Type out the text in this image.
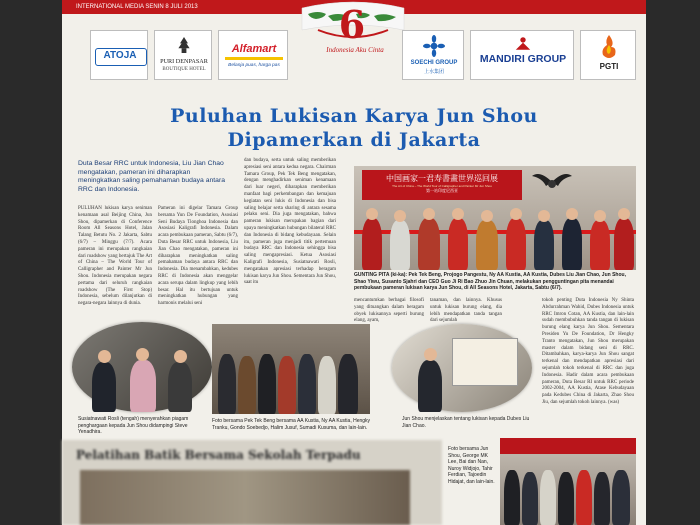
INTERNATIONAL MEDIA SENIN 8 JULI 2013	6
Indonesia Aku Cinta
ATOJA
PURI DENPASAR
BOUTIQUE HOTEL
Alfamart
Belanja puas, harga pas	SOECHI GROUP
上水集团
MANDIRI GROUP
PGTI
Puluhan Lukisan Karya Jun Shou
Dipamerkan di Jakarta
Duta Besar RRC untuk Indonesia, Liu Jian Chao mengatakan, pameran ini diharapkan meningkatkan saling pemahaman budaya antara RRC dan Indonesia.
PULUHAN lukisan karya seniman kenamaan asal Beijing China, Jun Shou, dipamerkan di Conference Room All Seasons Hotel, Jalan Talang Betutu No. 2 Jakarta, Sabtu (6/7) – Minggu (7/7). Acara pameran ini merupakan rangkaian dari roadshow yang bertajuk The Art of China – The World Tour of Calligrapher and Painter Mr Jun Shou. Indonesia merupakan negara pertama dari seluruh rangkaian roadshow (The First Stop) Indonesia, sebelum dilanjutkan di negara-negara lainnya di dunia.
Pameran ini digelar Tamara Group bersama Yun De Foundation, Asosiasi Seni Budaya Tionghoa Indonesia dan Asosiasi Kaligrafi Indonesia. Dalam acara pembukaan pameran, Sabtu (6/7), Duta Besar RRC untuk Indonesia, Liu Jian Chao mengatakan, pameran ini diharapkan meningkatkan saling pemahaman budaya antara RRC dan Indonesia. Dia menambahkan, kedubes RRC di Indonesia akan menggelar acara serupa dalam lingkup yang lebih besar. Hal itu bertujuan untuk meningkatkan hubungan yang harmonis melalui seni
dan budaya, serta untuk saling memberikan apresiasi seni antara kedua negara. Chairman Tamara Group, Pek Tek Beng mengatakan, dengan menghadirkan seniman kenamaan dari luar negeri, diharapkan memberikan manfaat bagi perkembangan dan kemajuan kegiatan seni lukis di Indonesia dan bisa saling belajar serta sharing di antara sesama pelaku seni. Dia juga mengatakan, bahwa pameran lukisan merupakan bagian dari upaya meningkatkan hubungan bilateral RRC dan Indonesia di bidang kebudayaan. Selain itu, pameran juga menjadi titik pertemuan budaya RRC dan Indonesia sehingga bisa saling mengapresiasi. Ketua Asosiasi Kaligrafi Indonesia, Susiatnawati Rosli, mengatakan apresiasi terhadap beragam lukisan karya Jun Shou. Sementara Jun Shou, saat itu
中国画家一君寿書畫世界巡回展
The Art of China – The World Tour of Calligrapher and Painter Mr Jun Shou
第一站印度尼西亚
GUNTING PITA (ki-ka): Pek Tek Beng, Projogo Pangestu, Ny AA Kustia, AA Kustia, Dubes Liu Jian Chao, Jun Shou, Shao Yiwu, Susanto Sjahri dan CEO Guo Ji Ri Bao Zhuo Jin Chuan, melakukan pengguntingan pita menandai pembukaan pameran lukisan karya Jun Shou, di All Seasons Hotel, Jakarta, Sabtu (6/7).
mencantumkan berbagai filosofi yang dituangkan dalam beragam obyek lukisannya seperti burung elang, ayam,
tanaman, dan lainnya. Khusus untuk lukisan burung elang, dia lebih mendapatkan tanda tangan dari sejumlah
tokoh penting Duta Indonesia Ny Shinta Abdurrahman Wahid, Dubes Indonesia untuk RRC Imron Cotan, AA Kustia, dan lain-lain sudah membubuhkan tanda tangan di lukisan burung elang karya Jun Shou. Sementara Presiden Yu De Foundation, Dr Hengky Tranto mengatakan, Jun Shou merupakan master dalam bidang seni di RRC. Ditambahkan, karya-karya Jun Shou sangat terkenal dan mendapatkan apresiasi dari sejumlah tokoh terkenal di RRC dan juga Indonesia. Hadir dalam acara pembukaan pameran, Duta Besar RI untuk RRC periode 2002-2004, AA Kustia, Atase Kebudayaan pada Kedubes China di Jakarta, Zhao Shou Jiu, dan sejumlah tokoh lainnya. (was)
Susiatnawati Rosli (tengah) menyerahkan piagam penghargaan kepada Jun Shou didampingi Steve Yenadhira.
Foto bersama Pek Tek Beng bersama AA Kustia, Ny AA Kustia, Hengky Tranku, Gondo Soebedjo, Halim Jusuf, Sumadi Kusuma, dan lain-lain.
Jun Shou menjelaskan tentang lukisan kepada Dubes Liu Jian Chao.
Pelatihan Batik Bersama Sekolah Terpadu	Foto bersama Jun Shou, George MK Lee, Bai dan Nan, Nuroy Widjojo, Tahir Ferdian, Tajoedin Hidajat, dan lain-lain.
